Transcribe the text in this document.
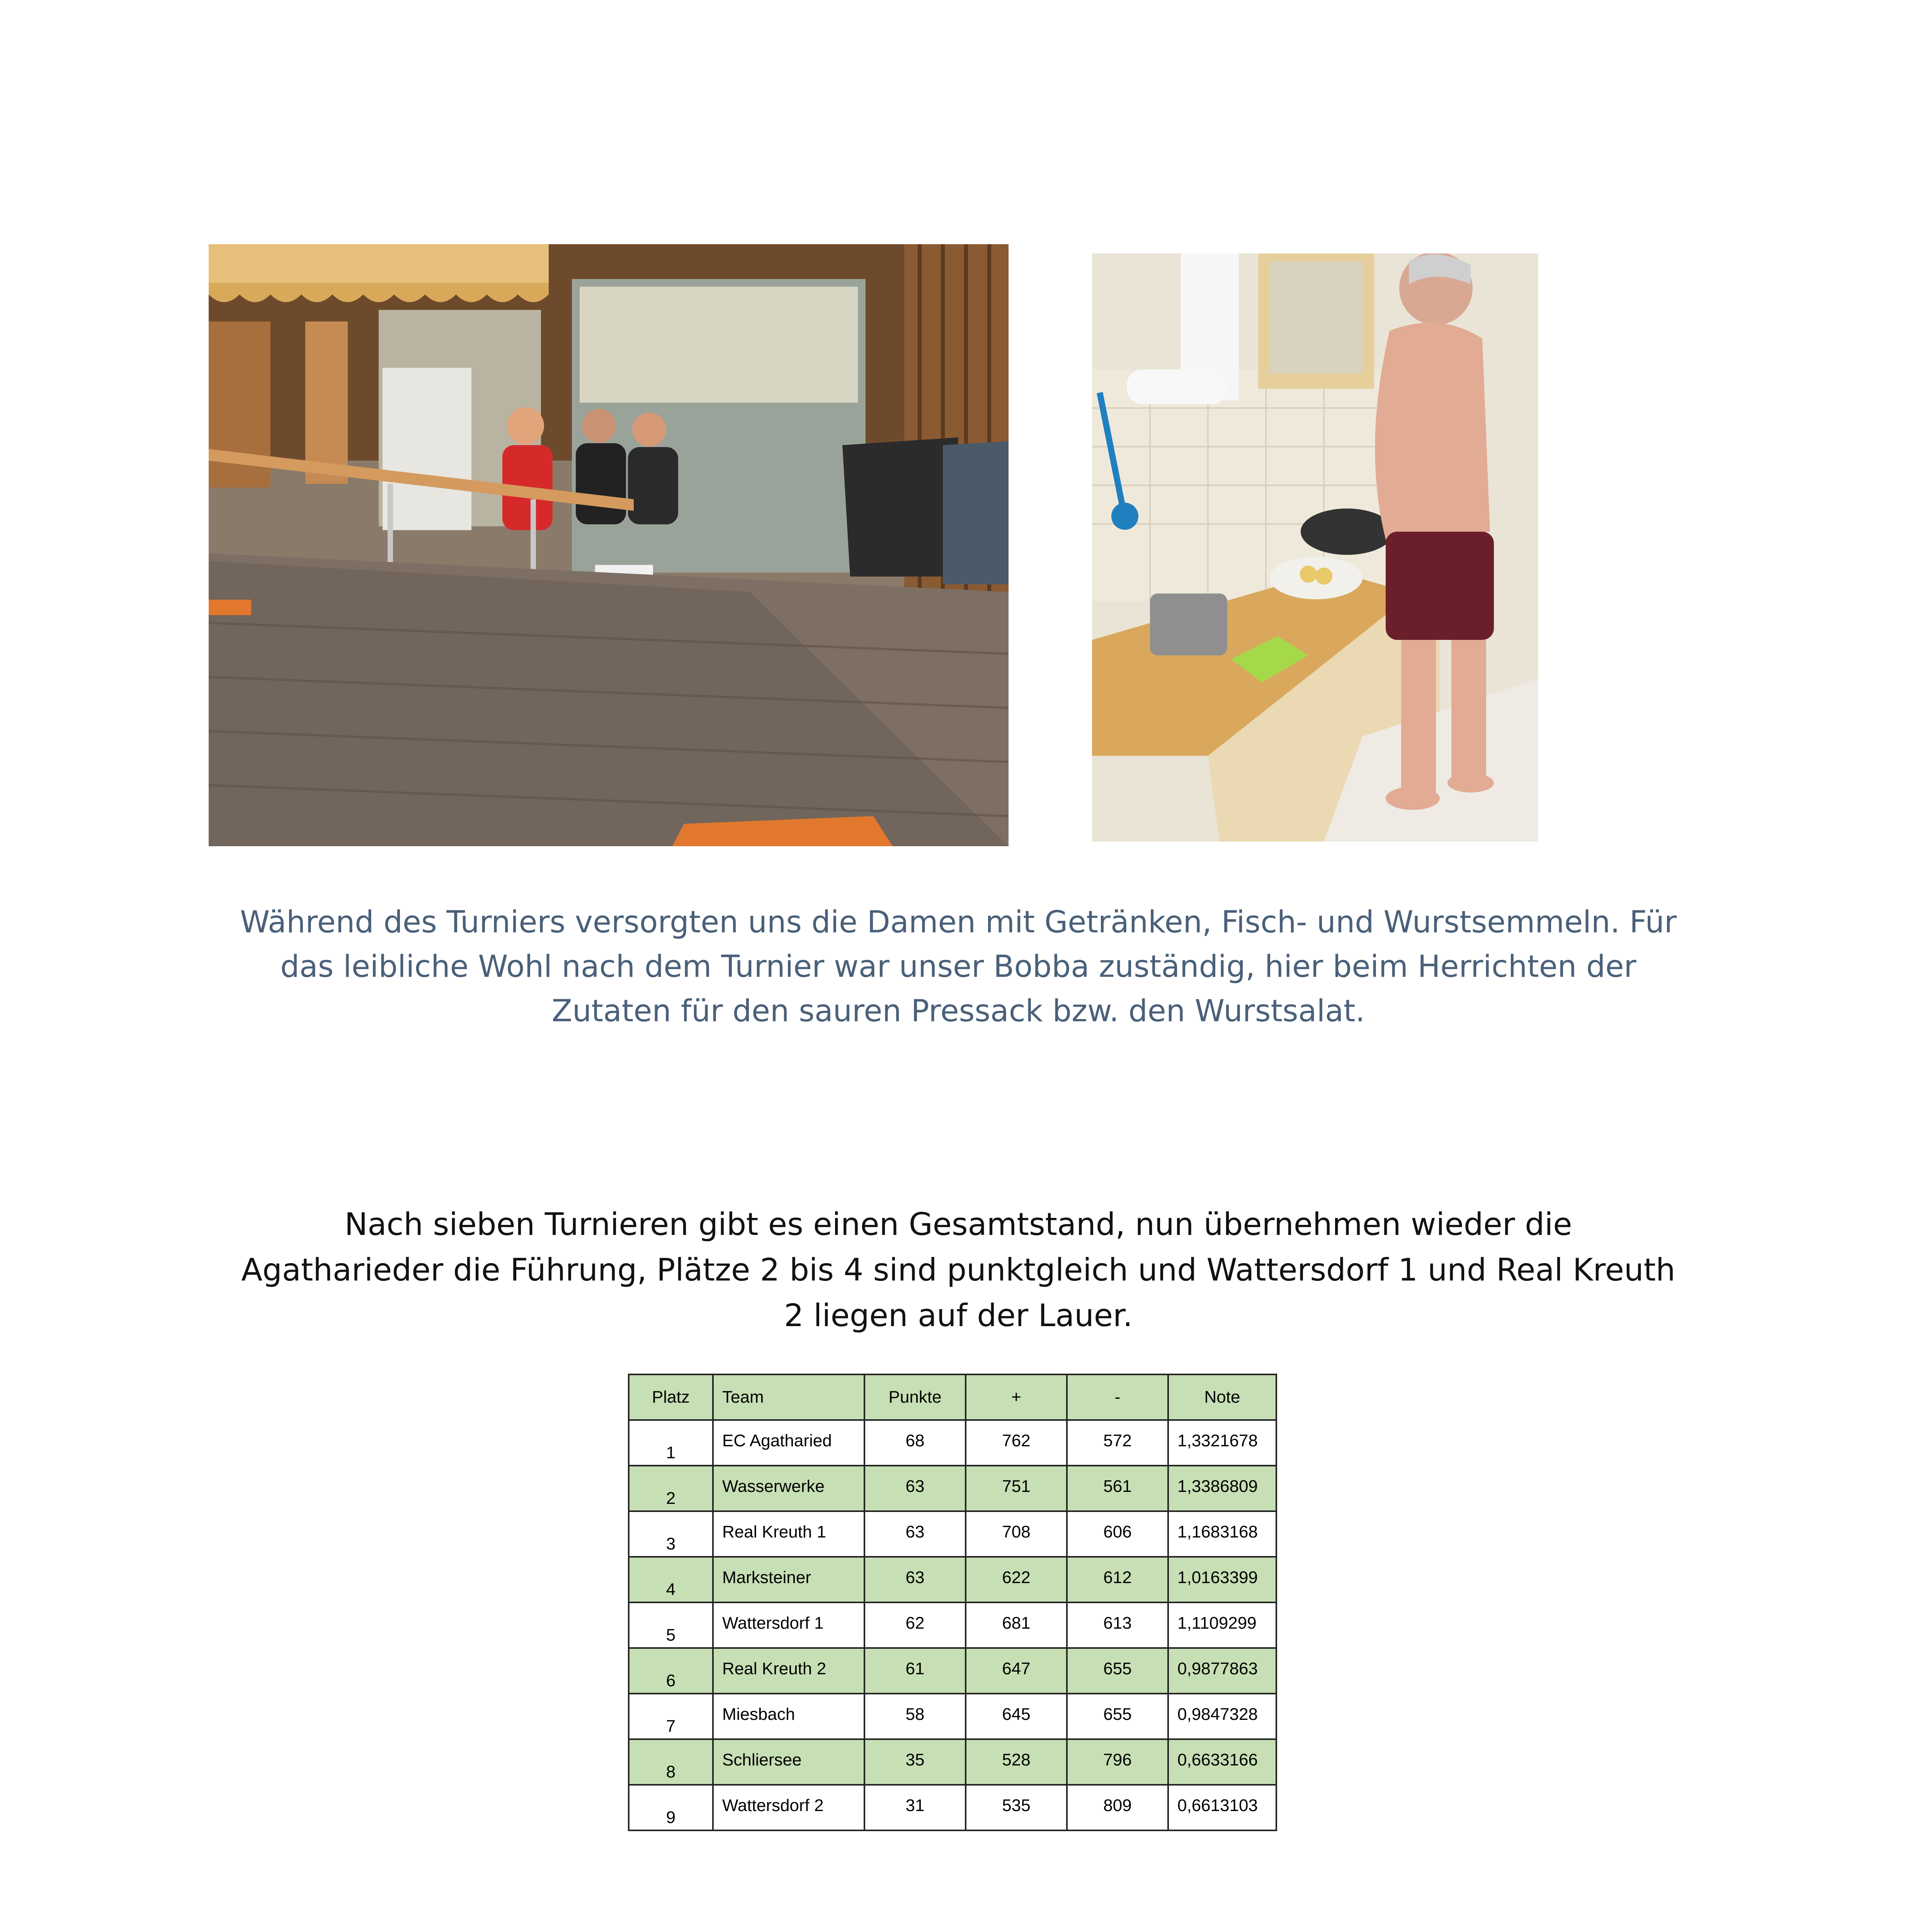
Während des Turniers versorgten uns die Damen mit Getränken, Fisch- und Wurstsemmeln. Für
das leibliche Wohl nach dem Turnier war unser Bobba zuständig, hier beim Herrichten der
Zutaten für den sauren Pressack bzw. den Wurstsalat.
Nach sieben Turnieren gibt es einen Gesamtstand, nun übernehmen wieder die
Agatharieder die Führung, Plätze 2 bis 4 sind punktgleich und Wattersdorf 1 und Real Kreuth
2 liegen auf der Lauer.
Platz	Team	Punkte	+	-	Note
1	EC Agatharied	68	762	572	1,3321678
2	Wasserwerke	63	751	561	1,3386809
3	Real Kreuth 1	63	708	606	1,1683168
4	Marksteiner	63	622	612	1,0163399
5	Wattersdorf 1	62	681	613	1,1109299
6	Real Kreuth 2	61	647	655	0,9877863
7	Miesbach	58	645	655	0,9847328
8	Schliersee	35	528	796	0,6633166
9	Wattersdorf 2	31	535	809	0,6613103
